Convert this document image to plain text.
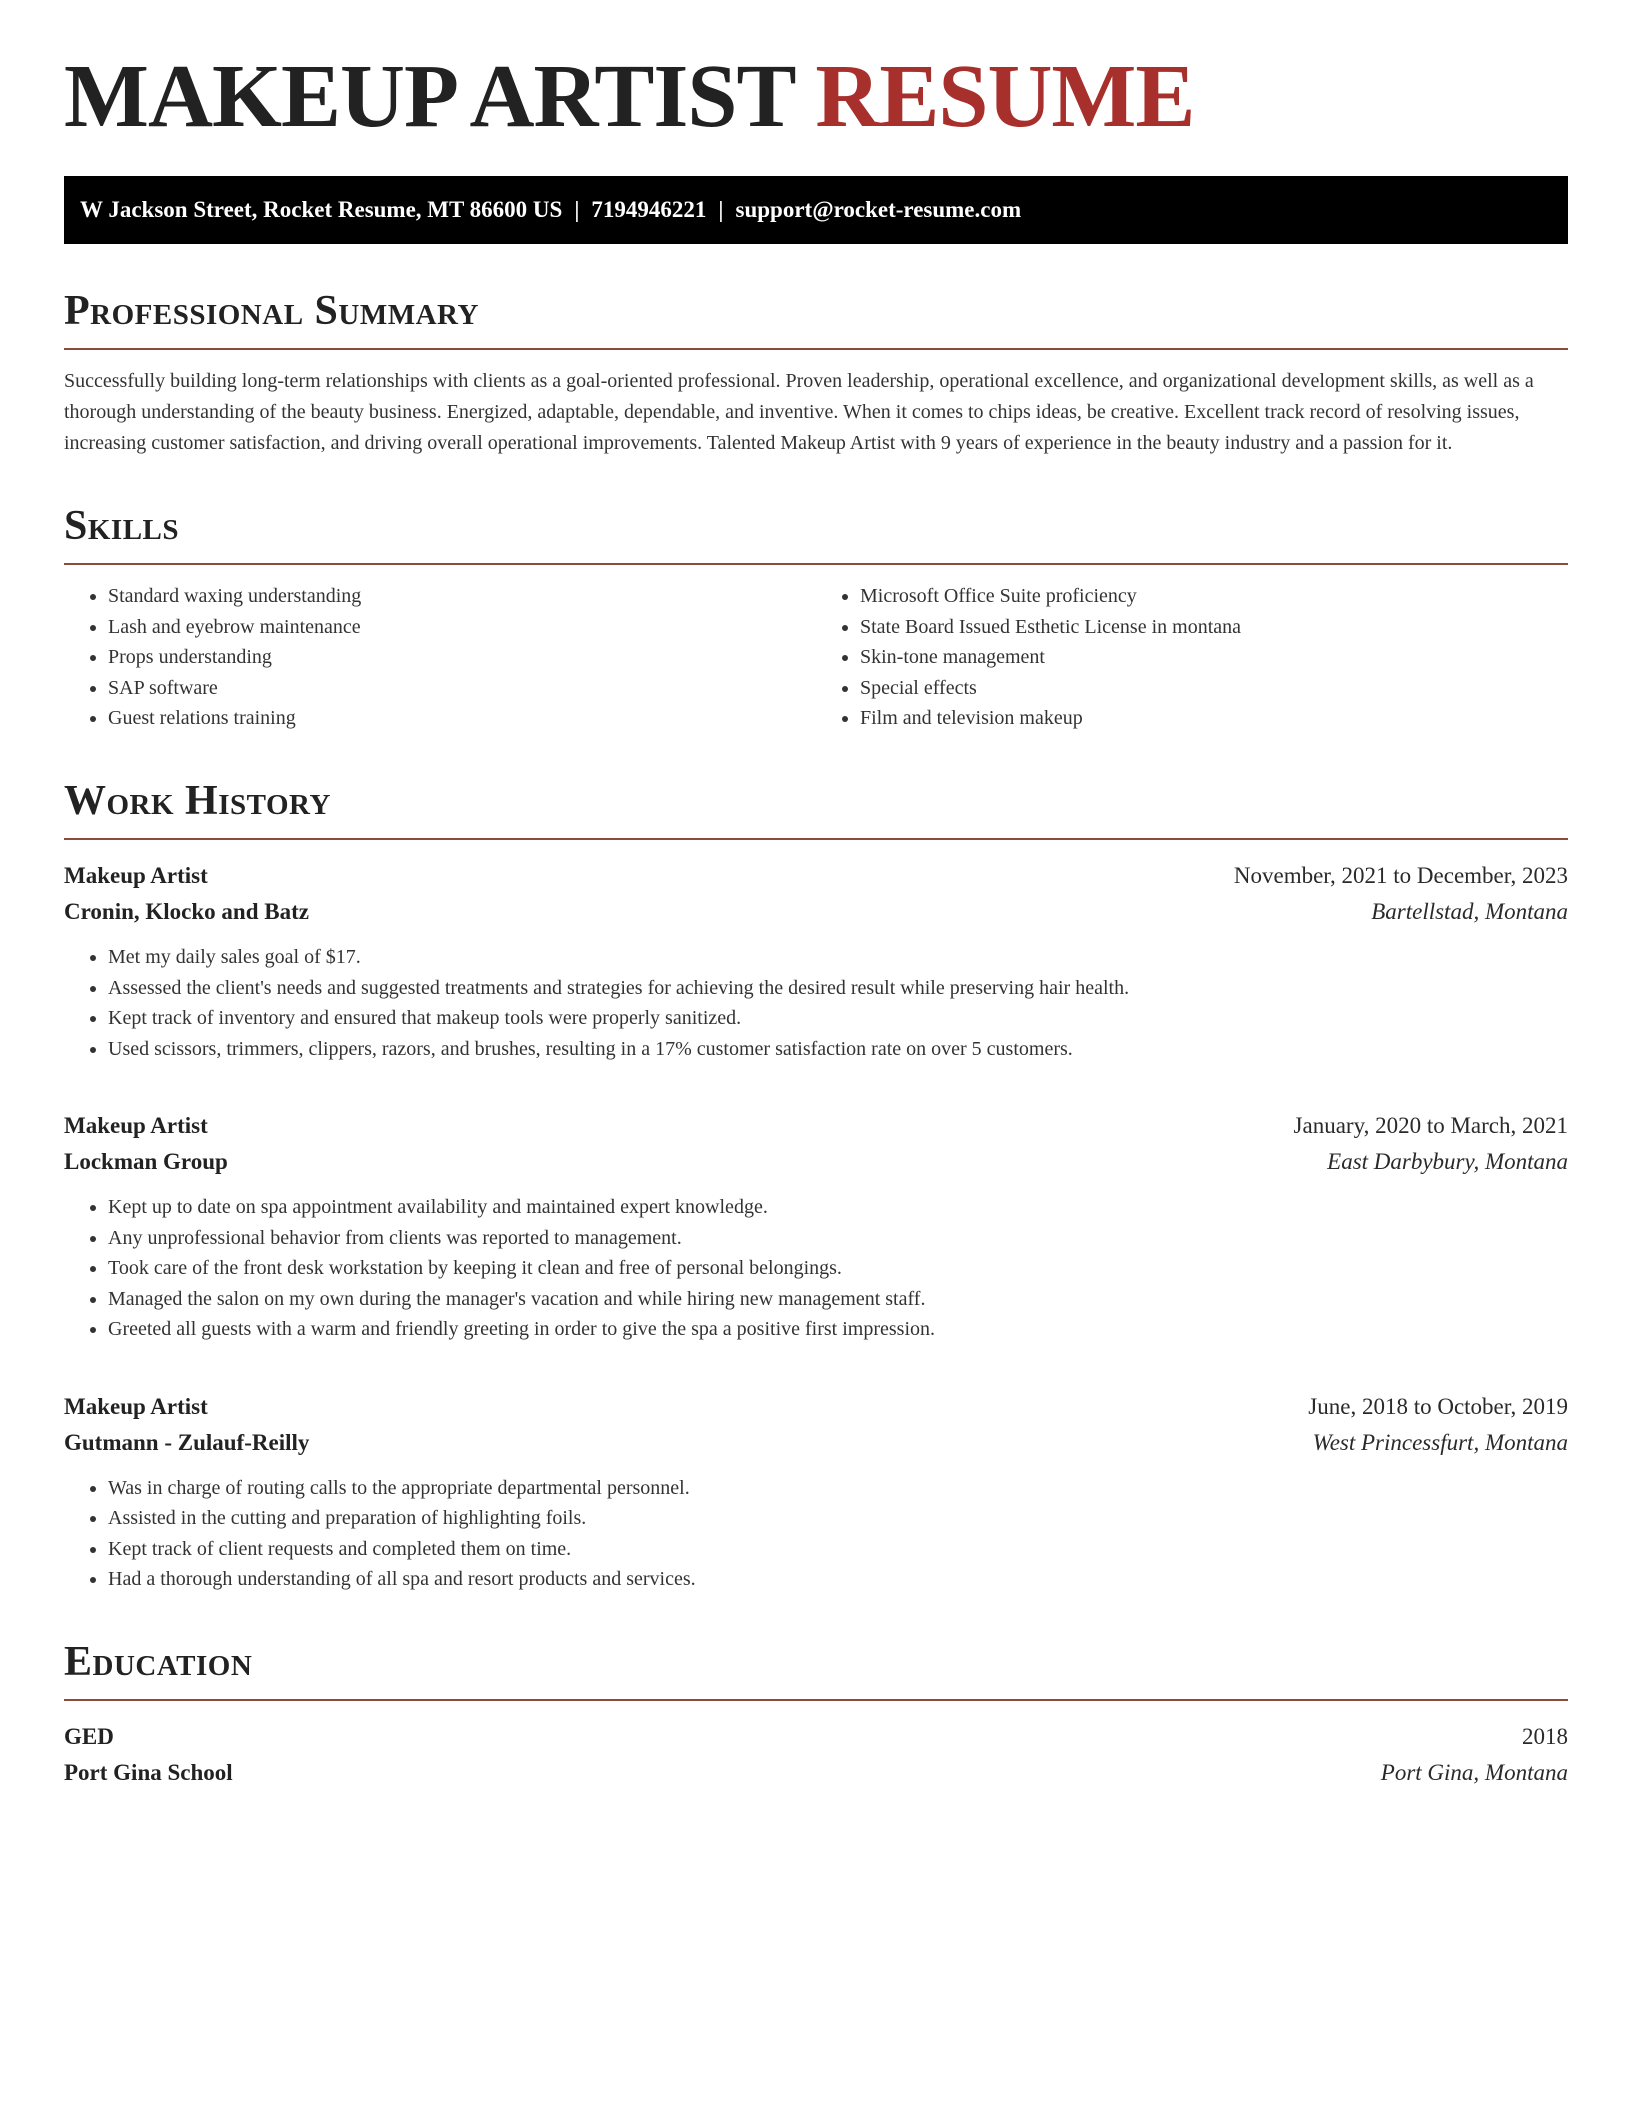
MAKEUP ARTIST RESUME
W Jackson Street, Rocket Resume, MT 86600 US | 7194946221 | support@rocket-resume.com
Professional Summary

Successfully building long-term relationships with clients as a goal-oriented professional. Proven leadership, operational excellence, and organizational development skills, as well as a thorough understanding of the beauty business. Energized, adaptable, dependable, and inventive. When it comes to chips ideas, be creative. Excellent track record of resolving issues, increasing customer satisfaction, and driving overall operational improvements. Talented Makeup Artist with 9 years of experience in the beauty industry and a passion for it.

Skills
• Standard waxing understanding
• Lash and eyebrow maintenance
• Props understanding
• SAP software
• Guest relations training
• Microsoft Office Suite proficiency
• State Board Issued Esthetic License in montana
• Skin-tone management
• Special effects
• Film and television makeup
Work History
Makeup Artist	November, 2021 to December, 2023
Cronin, Klocko and Batz	Bartellstad, Montana
• Met my daily sales goal of $17.
• Assessed the client's needs and suggested treatments and strategies for achieving the desired result while preserving hair health.
• Kept track of inventory and ensured that makeup tools were properly sanitized.
• Used scissors, trimmers, clippers, razors, and brushes, resulting in a 17% customer satisfaction rate on over 5 customers.
Makeup Artist	January, 2020 to March, 2021
Lockman Group	East Darbybury, Montana
• Kept up to date on spa appointment availability and maintained expert knowledge.
• Any unprofessional behavior from clients was reported to management.
• Took care of the front desk workstation by keeping it clean and free of personal belongings.
• Managed the salon on my own during the manager's vacation and while hiring new management staff.
• Greeted all guests with a warm and friendly greeting in order to give the spa a positive first impression.
Makeup Artist	June, 2018 to October, 2019
Gutmann - Zulauf-Reilly	West Princessfurt, Montana
• Was in charge of routing calls to the appropriate departmental personnel.
• Assisted in the cutting and preparation of highlighting foils.
• Kept track of client requests and completed them on time.
• Had a thorough understanding of all spa and resort products and services.
Education
GED	2018
Port Gina School	Port Gina, Montana
